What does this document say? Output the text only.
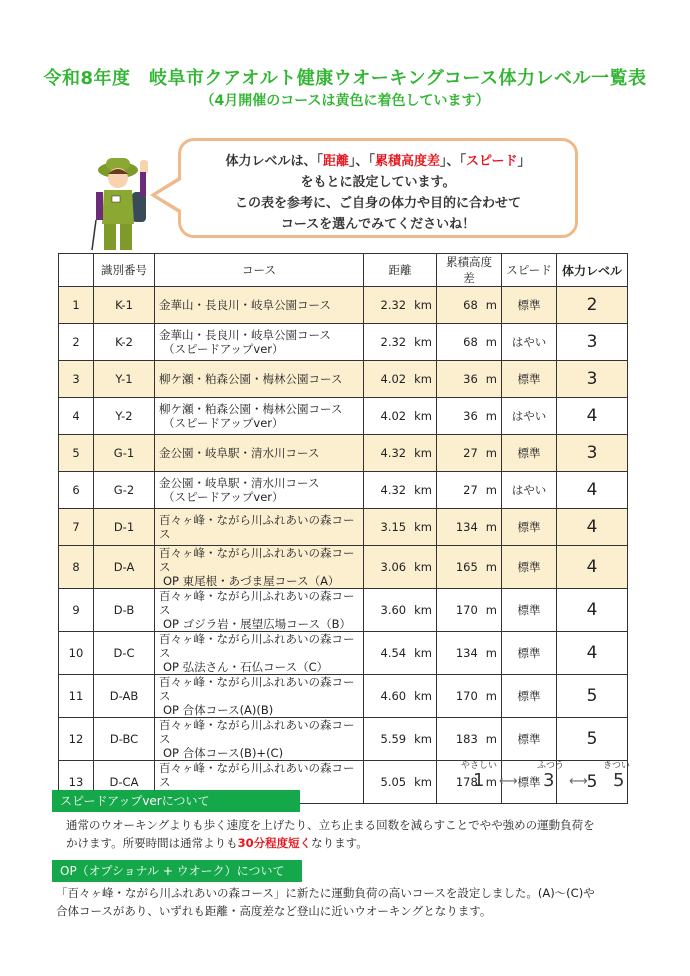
令和8年度　岐阜市クアオルト健康ウオーキングコース体力レベル一覧表
（4月開催のコースは黄色に着色しています）
体力レベルは、「距離」、「累積高度差」、「スピード」
をもとに設定しています。
この表を参考に、ご自身の体力や目的に合わせて
コースを選んでみてくださいね！
	識別番号	コース	距離	累積高度差	スピード	体力レベル
1	K-1	金華山・長良川・岐阜公園コース	2.32 km	68 m	標準	2
2	K-2	金華山・長良川・岐阜公園コース
（スピードアップver）	2.32 km	68 m	はやい	3
3	Y-1	柳ケ瀬・粕森公園・梅林公園コース	4.02 km	36 m	標準	3
4	Y-2	柳ケ瀬・粕森公園・梅林公園コース
（スピードアップver）	4.02 km	36 m	はやい	4
5	G-1	金公園・岐阜駅・清水川コース	4.32 km	27 m	標準	3
6	G-2	金公園・岐阜駅・清水川コース
（スピードアップver）	4.32 km	27 m	はやい	4
7	D-1	百々ヶ峰・ながら川ふれあいの森コース	3.15 km	134 m	標準	4
8	D-A	百々ヶ峰・ながら川ふれあいの森コース
OP 東尾根・あづま屋コース（A）	3.06 km	165 m	標準	4
9	D-B	百々ヶ峰・ながら川ふれあいの森コース
OP ゴジラ岩・展望広場コース（B）	3.60 km	170 m	標準	4
10	D-C	百々ヶ峰・ながら川ふれあいの森コース
OP 弘法さん・石仏コース（C）	4.54 km	134 m	標準	4
11	D-AB	百々ヶ峰・ながら川ふれあいの森コース
OP 合体コース(A)(B)	4.60 km	170 m	標準	5
12	D-BC	百々ヶ峰・ながら川ふれあいの森コース
OP 合体コース(B)+(C)	5.59 km	183 m	標準	5
13	D-CA	百々ヶ峰・ながら川ふれあいの森コース	5.05 km	178 m	標準	5
やさしい	ふつう	きつい
1 ⟷ 3 ⟷ 5
スピードアップverについて
通常のウオーキングよりも歩く速度を上げたり、立ち止まる回数を減らすことでやや強めの運動負荷を
かけます。所要時間は通常よりも30分程度短くなります。
OP（オプショナル + ウオーク）について
「百々ヶ峰・ながら川ふれあいの森コース」に新たに運動負荷の高いコースを設定しました。(A)～(C)や
合体コースがあり、いずれも距離・高度差など登山に近いウオーキングとなります。
